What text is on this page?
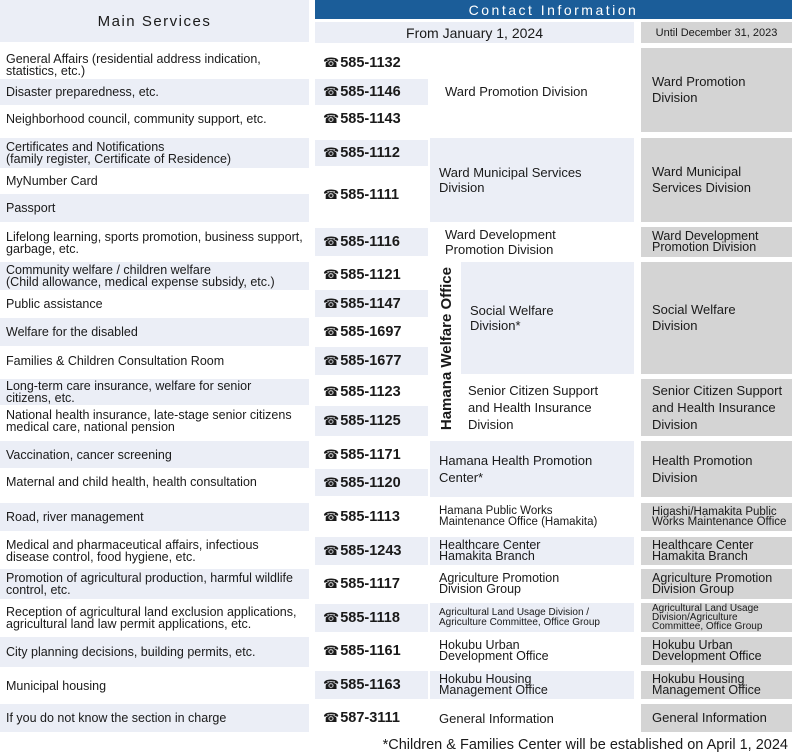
Main Services
Contact Information
From January 1, 2024	Until December 31, 2023
General Affairs (residential address indication,
statistics, etc.)
Disaster preparedness, etc.
Neighborhood council, community support, etc.
Certificates and Notifications
(family register, Certificate of Residence)
MyNumber Card
Passport
Lifelong learning, sports promotion, business support,
garbage, etc.
Community welfare / children welfare
(Child allowance, medical expense subsidy, etc.)
Public assistance
Welfare for the disabled
Families & Children Consultation Room
Long-term care insurance, welfare for senior
citizens, etc.
National health insurance, late-stage senior citizens
medical care, national pension
Vaccination, cancer screening
Maternal and child health, health consultation
Road, river management
Medical and pharmaceutical affairs, infectious
disease control, food hygiene, etc.
Promotion of agricultural production, harmful wildlife
control, etc.
Reception of agricultural land exclusion applications,
agricultural land law permit applications, etc.
City planning decisions, building permits, etc.
Municipal housing
If you do not know the section in charge
☎ 585-1132
☎ 585-1146
☎ 585-1143
☎ 585-1112
☎ 585-1111
☎ 585-1116
☎ 585-1121
☎ 585-1147
☎ 585-1697
☎ 585-1677
☎ 585-1123
☎ 585-1125
☎ 585-1171
☎ 585-1120
☎ 585-1113
☎ 585-1243
☎ 585-1117
☎ 585-1118
☎ 585-1161
☎ 585-1163
☎ 587-3111
Ward Promotion Division
Ward Municipal Services
Division
Ward Development
Promotion Division
Hamana Welfare Office Social Welfare
Division*
Senior Citizen Support
and Health Insurance
Division
Hamana Health Promotion
Center*
Hamana Public Works
Maintenance Office (Hamakita)
Healthcare Center
Hamakita Branch
Agriculture Promotion
Division Group
Agricultural Land Usage Division /
Agriculture Committee, Office Group
Hokubu Urban
Development Office
Hokubu Housing
Management Office
General Information
Ward Promotion
Division
Ward Municipal
Services Division
Ward Development
Promotion Division
Social Welfare
Division
Senior Citizen Support
and Health Insurance
Division
Health Promotion
Division
Higashi/Hamakita Public
Works Maintenance Office
Healthcare Center
Hamakita Branch
Agriculture Promotion
Division Group
Agricultural Land Usage
Division/Agriculture
Committee, Office Group
Hokubu Urban
Development Office
Hokubu Housing
Management Office
General Information
*Children & Families Center will be established on April 1, 2024
